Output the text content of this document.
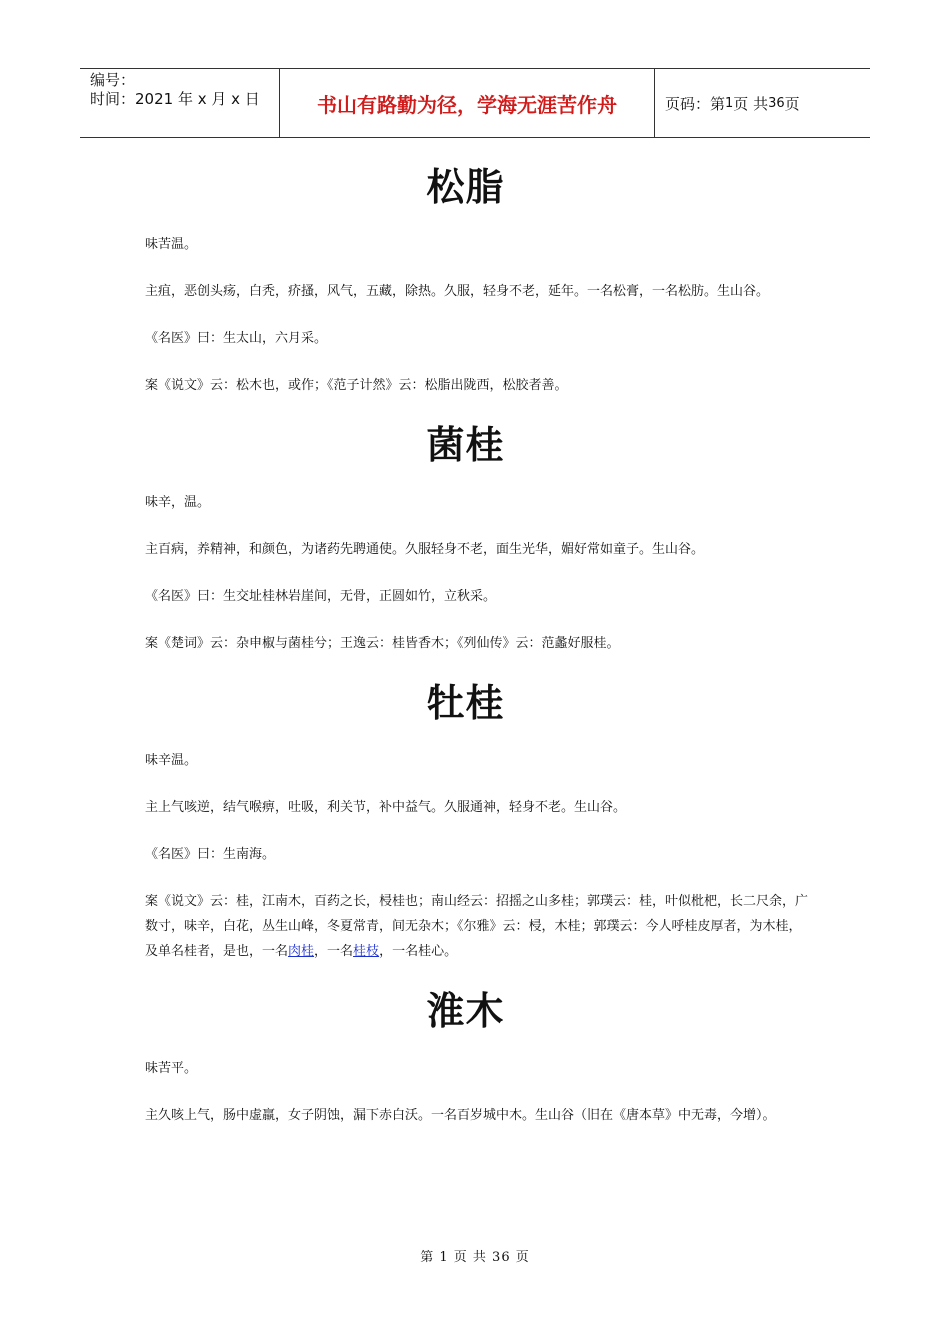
编号：
时间：2021 年 x 月 x 日	书山有路勤为径，学海无涯苦作舟	页码：第 1 页 共 36 页
松脂

味苦温。

主疽，恶创头疡，白秃，疥搔，风气，五藏，除热。久服，轻身不老，延年。一名松膏，一名松肪。生山谷。

《名医》曰：生太山，六月采。

案《说文》云：松木也，或作；《范子计然》云：松脂出陇西，松胶者善。

菌桂

味辛，温。

主百病，养精神，和颜色，为诸药先聘通使。久服轻身不老，面生光华，媚好常如童子。生山谷。

《名医》曰：生交址桂林岩崖间，无骨，正圆如竹，立秋采。

案《楚词》云：杂申椒与菌桂兮；王逸云：桂皆香木；《列仙传》云：范蠡好服桂。

牡桂

味辛温。

主上气咳逆，结气喉痹，吐吸，利关节，补中益气。久服通神，轻身不老。生山谷。

《名医》曰：生南海。

案《说文》云：桂，江南木，百药之长，梫桂也；南山经云：招摇之山多桂；郭璞云：桂，叶似枇杷，长二尺余，广数寸，味辛，白花，丛生山峰，冬夏常青，间无杂木；《尔雅》云：梫，木桂；郭璞云：今人呼桂皮厚者，为木桂，及单名桂者，是也，一名肉桂，一名桂枝，一名桂心。

淮木

味苦平。

主久咳上气，肠中虚羸，女子阴蚀，漏下赤白沃。一名百岁城中木。生山谷（旧在《唐本草》中无毒，今增）。

第 1 页 共 36 页
